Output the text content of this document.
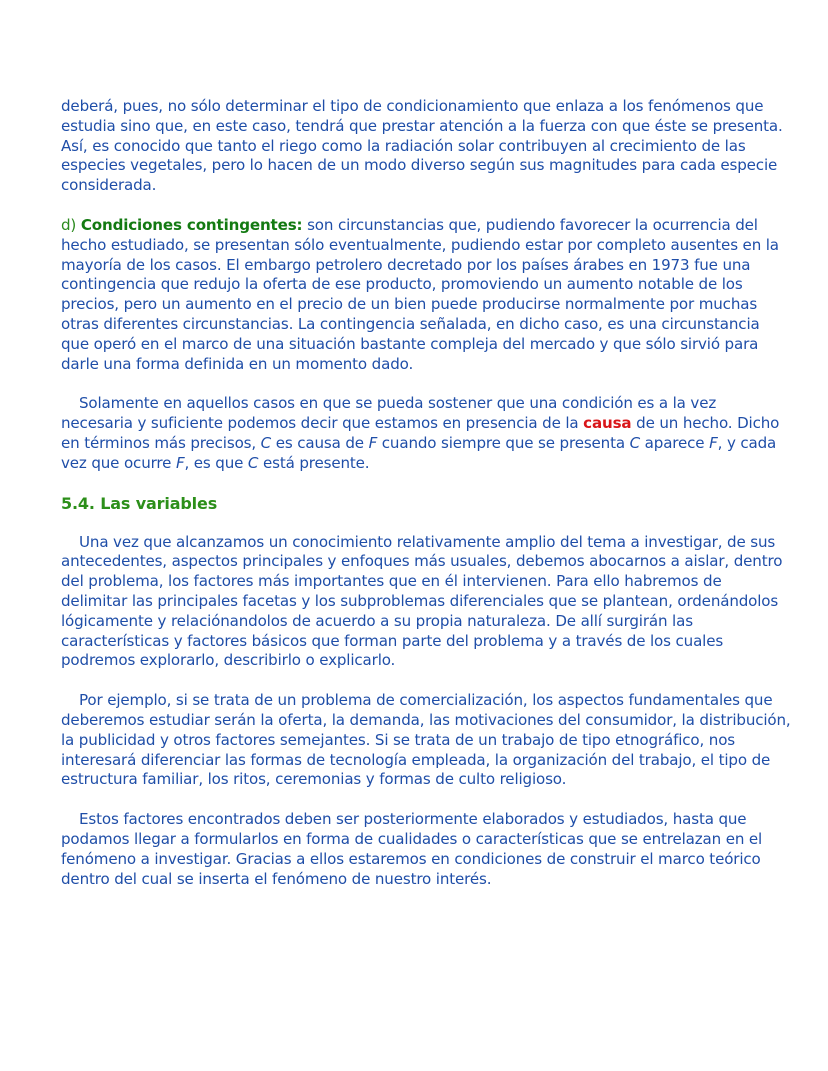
deberá, pues, no sólo determinar el tipo de condicionamiento que enlaza a los fenómenos que estudia sino que, en este caso, tendrá que prestar atención a la fuerza con que éste se presenta. Así, es conocido que tanto el riego como la radiación solar contribuyen al crecimiento de las especies vegetales, pero lo hacen de un modo diverso según sus magnitudes para cada especie considerada.

d) Condiciones contingentes: son circunstancias que, pudiendo favorecer la ocurrencia del hecho estudiado, se presentan sólo eventualmente, pudiendo estar por completo ausentes en la mayoría de los casos. El embargo petrolero decretado por los países árabes en 1973 fue una contingencia que redujo la oferta de ese producto, promoviendo un aumento notable de los precios, pero un aumento en el precio de un bien puede producirse normalmente por muchas otras diferentes circunstancias. La contingencia señalada, en dicho caso, es una circunstancia que operó en el marco de una situación bastante compleja del mercado y que sólo sirvió para darle una forma definida en un momento dado.

Solamente en aquellos casos en que se pueda sostener que una condición es a la vez necesaria y suficiente podemos decir que estamos en presencia de la causa de un hecho. Dicho en términos más precisos, C es causa de F cuando siempre que se presenta C aparece F, y cada vez que ocurre F, es que C está presente.

5.4. Las variables

Una vez que alcanzamos un conocimiento relativamente amplio del tema a investigar, de sus antecedentes, aspectos principales y enfoques más usuales, debemos abocarnos a aislar, dentro del problema, los factores más importantes que en él intervienen. Para ello habremos de delimitar las principales facetas y los subproblemas diferenciales que se plantean, ordenándolos lógicamente y relaciónandolos de acuerdo a su propia naturaleza. De allí surgirán las características y factores básicos que forman parte del problema y a través de los cuales podremos explorarlo, describirlo o explicarlo.

Por ejemplo, si se trata de un problema de comercialización, los aspectos fundamentales que deberemos estudiar serán la oferta, la demanda, las motivaciones del consumidor, la distribución, la publicidad y otros factores semejantes. Si se trata de un trabajo de tipo etnográfico, nos interesará diferenciar las formas de tecnología empleada, la organización del trabajo, el tipo de estructura familiar, los ritos, ceremonias y formas de culto religioso.

Estos factores encontrados deben ser posteriormente elaborados y estudiados, hasta que podamos llegar a formularlos en forma de cualidades o características que se entrelazan en el fenómeno a investigar. Gracias a ellos estaremos en condiciones de construir el marco teórico dentro del cual se inserta el fenómeno de nuestro interés.
